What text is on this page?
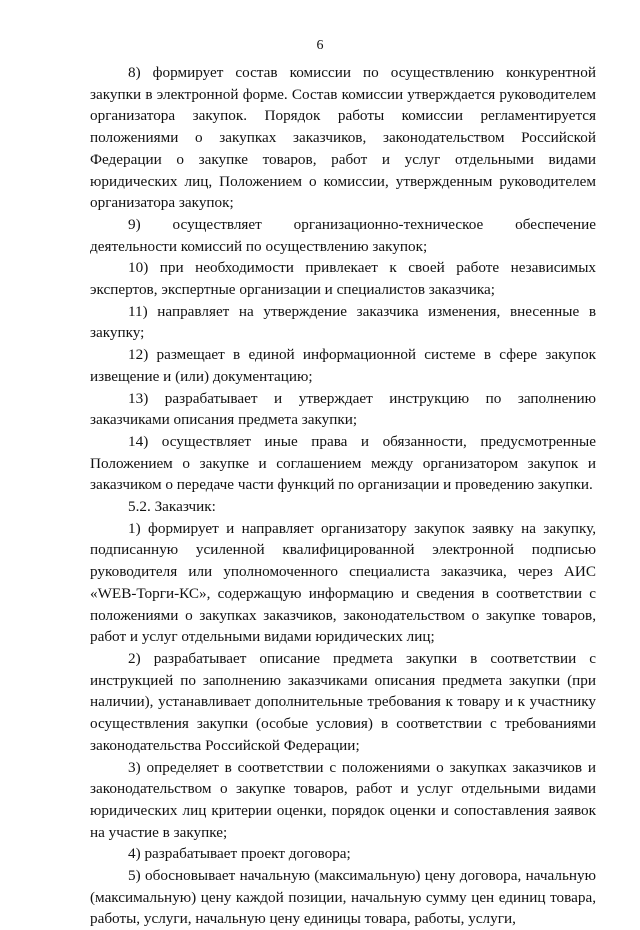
6

8) формирует состав комиссии по осуществлению конкурентной закупки в электронной форме. Состав комиссии утверждается руководителем организатора закупок. Порядок работы комиссии регламентируется положениями о закупках заказчиков, законодательством Российской Федерации о закупке товаров, работ и услуг отдельными видами юридических лиц, Положением о комиссии, утвержденным руководителем организатора закупок;

9) осуществляет организационно-техническое обеспечение деятельности комиссий по осуществлению закупок;

10) при необходимости привлекает к своей работе независимых экспертов, экспертные организации и специалистов заказчика;

11) направляет на утверждение заказчика изменения, внесенные в закупку;

12) размещает в единой информационной системе в сфере закупок извещение и (или) документацию;

13) разрабатывает и утверждает инструкцию по заполнению заказчиками описания предмета закупки;

14) осуществляет иные права и обязанности, предусмотренные Положением о закупке и соглашением между организатором закупок и заказчиком о передаче части функций по организации и проведению закупки.

5.2. Заказчик:

1) формирует и направляет организатору закупок заявку на закупку, подписанную усиленной квалифицированной электронной подписью руководителя или уполномоченного специалиста заказчика, через АИС «WEB-Торги-КС», содержащую информацию и сведения в соответствии с положениями о закупках заказчиков, законодательством о закупке товаров, работ и услуг отдельными видами юридических лиц;

2) разрабатывает описание предмета закупки в соответствии с инструкцией по заполнению заказчиками описания предмета закупки (при наличии), устанавливает дополнительные требования к товару и к участнику осуществления закупки (особые условия) в соответствии с требованиями законодательства Российской Федерации;

3) определяет в соответствии с положениями о закупках заказчиков и законодательством о закупке товаров, работ и услуг отдельными видами юридических лиц критерии оценки, порядок оценки и сопоставления заявок на участие в закупке;

4) разрабатывает проект договора;

5) обосновывает начальную (максимальную) цену договора, начальную (максимальную) цену каждой позиции, начальную сумму цен единиц товара, работы, услуги, начальную цену единицы товара, работы, услуги,
